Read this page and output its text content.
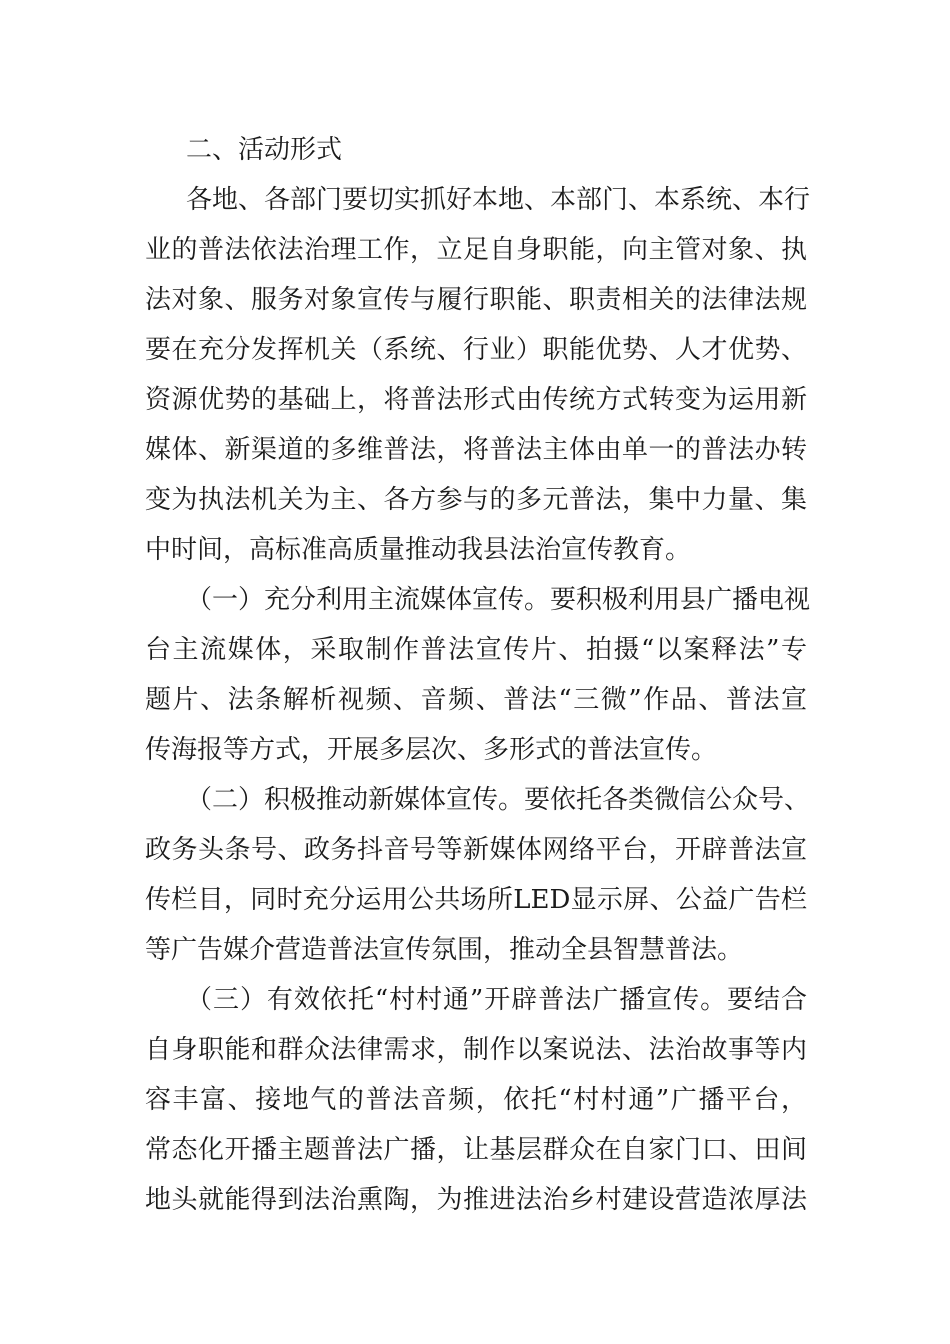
二、活动形式
各地、各部门要切实抓好本地、本部门、本系统、本行
业的普法依法治理工作，立足自身职能，向主管对象、执
法对象、服务对象宣传与履行职能、职责相关的法律法规
要在充分发挥机关（系统、行业）职能优势、人才优势、
资源优势的基础上，将普法形式由传统方式转变为运用新
媒体、新渠道的多维普法，将普法主体由单一的普法办转
变为执法机关为主、各方参与的多元普法，集中力量、集
中时间，高标准高质量推动我县法治宣传教育。
（一）充分利用主流媒体宣传。要积极利用县广播电视
台主流媒体，采取制作普法宣传片、拍摄“以案释法”专
题片、法条解析视频、音频、普法“三微”作品、普法宣
传海报等方式，开展多层次、多形式的普法宣传。
（二）积极推动新媒体宣传。要依托各类微信公众号、
政务头条号、政务抖音号等新媒体网络平台，开辟普法宣
传栏目，同时充分运用公共场所LED显示屏、公益广告栏
等广告媒介营造普法宣传氛围，推动全县智慧普法。
（三）有效依托“村村通”开辟普法广播宣传。要结合
自身职能和群众法律需求，制作以案说法、法治故事等内
容丰富、接地气的普法音频，依托“村村通”广播平台，
常态化开播主题普法广播，让基层群众在自家门口、田间
地头就能得到法治熏陶，为推进法治乡村建设营造浓厚法
